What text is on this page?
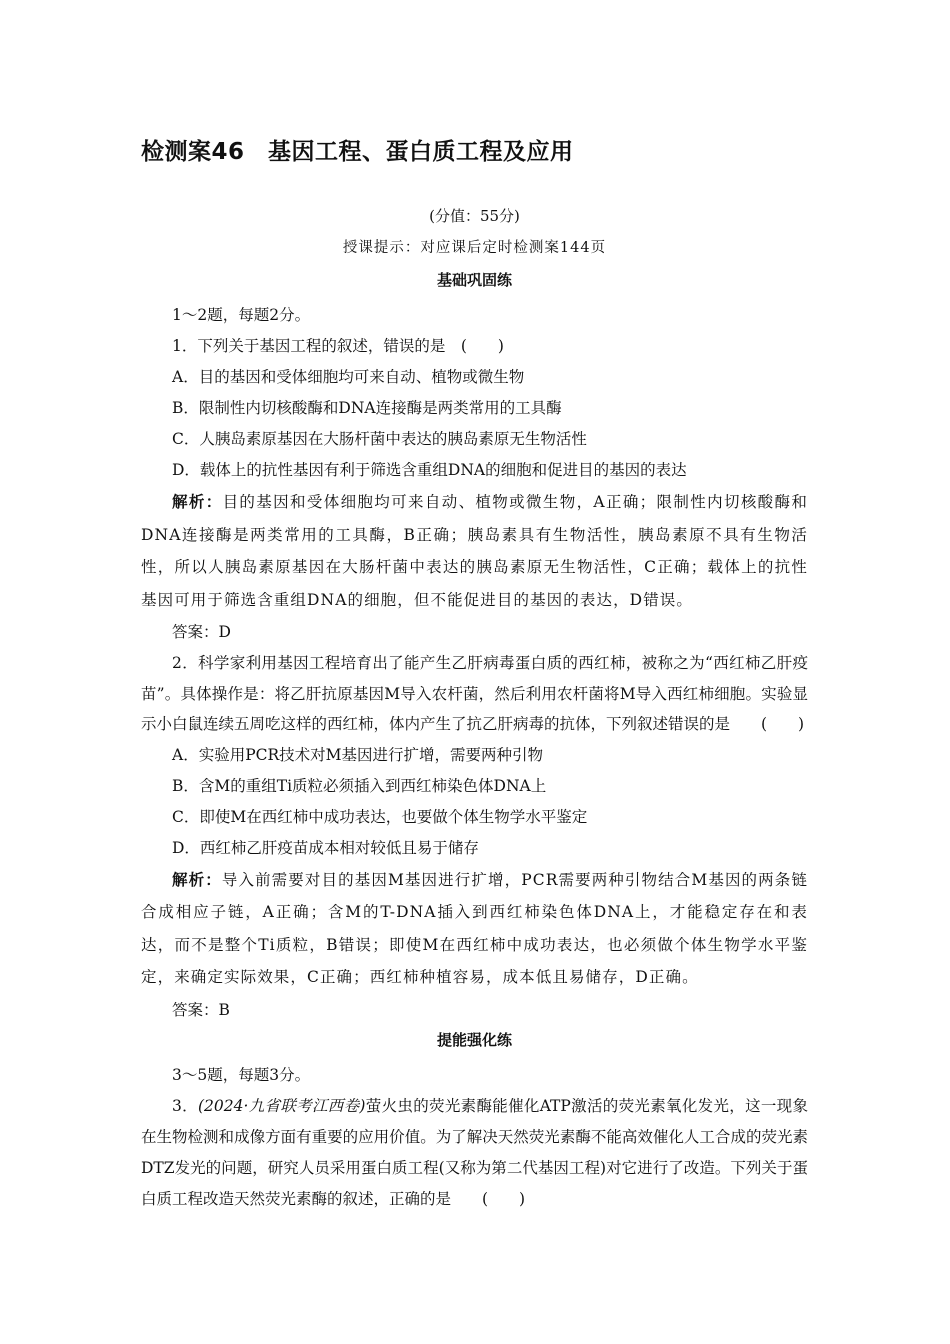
检测案46　基因工程、蛋白质工程及应用

(分值：55分)

授课提示：对应课后定时检测案144页

基础巩固练

1～2题，每题2分。

1．下列关于基因工程的叙述，错误的是　(　　)

A．目的基因和受体细胞均可来自动、植物或微生物

B．限制性内切核酸酶和DNA连接酶是两类常用的工具酶

C．人胰岛素原基因在大肠杆菌中表达的胰岛素原无生物活性

D．载体上的抗性基因有利于筛选含重组DNA的细胞和促进目的基因的表达

解析：目的基因和受体细胞均可来自动、植物或微生物，A正确；限制性内切核酸酶和DNA连接酶是两类常用的工具酶，B正确；胰岛素具有生物活性，胰岛素原不具有生物活性，所以人胰岛素原基因在大肠杆菌中表达的胰岛素原无生物活性，C正确；载体上的抗性基因可用于筛选含重组DNA的细胞，但不能促进目的基因的表达，D错误。

答案：D

2．科学家利用基因工程培育出了能产生乙肝病毒蛋白质的西红柿，被称之为“西红柿乙肝疫苗”。具体操作是：将乙肝抗原基因M导入农杆菌，然后利用农杆菌将M导入西红柿细胞。实验显示小白鼠连续五周吃这样的西红柿，体内产生了抗乙肝病毒的抗体，下列叙述错误的是　　(　　)

A．实验用PCR技术对M基因进行扩增，需要两种引物

B．含M的重组Ti质粒必须插入到西红柿染色体DNA上

C．即使M在西红柿中成功表达，也要做个体生物学水平鉴定

D．西红柿乙肝疫苗成本相对较低且易于储存

解析：导入前需要对目的基因M基因进行扩增，PCR需要两种引物结合M基因的两条链合成相应子链，A正确；含M的T-DNA插入到西红柿染色体DNA上，才能稳定存在和表达，而不是整个Ti质粒，B错误；即使M在西红柿中成功表达，也必须做个体生物学水平鉴定，来确定实际效果，C正确；西红柿种植容易，成本低且易储存，D正确。

答案：B

提能强化练

3～5题，每题3分。

3．(2024·九省联考江西卷)萤火虫的荧光素酶能催化ATP激活的荧光素氧化发光，这一现象在生物检测和成像方面有重要的应用价值。为了解决天然荧光素酶不能高效催化人工合成的荧光素DTZ发光的问题，研究人员采用蛋白质工程(又称为第二代基因工程)对它进行了改造。下列关于蛋白质工程改造天然荧光素酶的叙述，正确的是　　(　　)
